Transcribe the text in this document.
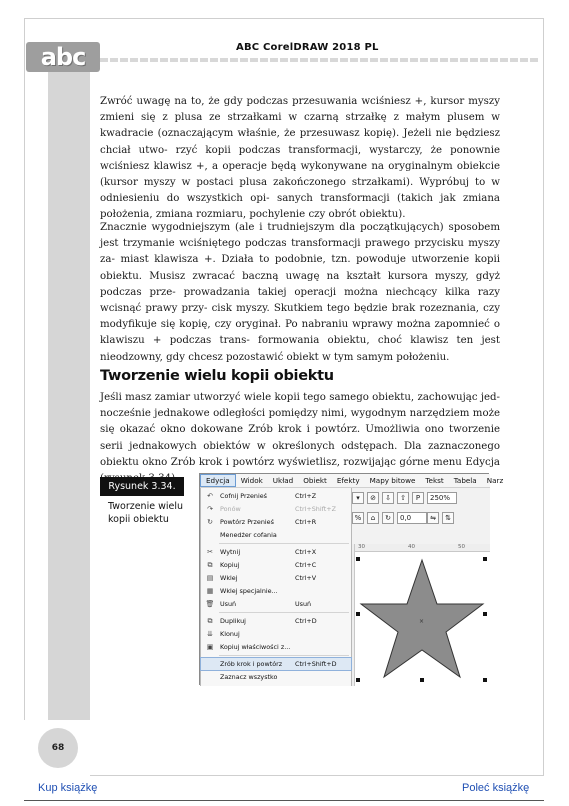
abc	ABC CorelDRAW 2018 PL
Zwróć uwagę na to, że gdy podczas przesuwania wciśniesz +, kursor myszy zmieni się z plusa ze strzałkami w czarną strzałkę z małym plusem w kwadracie (oznaczającym właśnie, że przesuwasz kopię). Jeżeli nie będziesz chciał utwo- rzyć kopii podczas transformacji, wystarczy, że ponownie wciśniesz klawisz +, a operacje będą wykonywane na oryginalnym obiekcie (kursor myszy w postaci plusa zakończonego strzałkami). Wypróbuj to w odniesieniu do wszystkich opi- sanych transformacji (takich jak zmiana położenia, zmiana rozmiaru, pochylenie czy obrót obiektu).
Znacznie wygodniejszym (ale i trudniejszym dla początkujących) sposobem jest trzymanie wciśniętego podczas transformacji prawego przycisku myszy za- miast klawisza +. Działa to podobnie, tzn. powoduje utworzenie kopii obiektu. Musisz zwracać baczną uwagę na kształt kursora myszy, gdyż podczas prze- prowadzania takiej operacji można niechcący kilka razy wcisnąć prawy przy- cisk myszy. Skutkiem tego będzie brak rozeznania, czy modyfikuje się kopię, czy oryginał. Po nabraniu wprawy można zapomnieć o klawiszu + podczas trans- formowania obiektu, choć klawisz ten jest nieodzowny, gdy chcesz pozostawić obiekt w tym samym położeniu.
Tworzenie wielu kopii obiektu
Jeśli masz zamiar utworzyć wiele kopii tego samego obiektu, zachowując jed- nocześnie jednakowe odległości pomiędzy nimi, wygodnym narzędziem może się okazać okno dokowane Zrób krok i powtórz. Umożliwia ono tworzenie serii jednakowych obiektów w określonych odstępach. Dla zaznaczonego obiektu okno Zrób krok i powtórz wyświetlisz, rozwijając górne menu Edycja
Rysunek 3.34.
Tworzenie wielu
kopii obiektu
Edycja	Widok	Układ	Obiekt	Efekty	Mapy bitowe	Tekst	Tabela	Narz
▾	⊘	⇩	⇧	P	250%
%	⌂	↻	0,0	⇋	⇅
30	40	50
×
↶	Cofnij Przenieś	Ctrl+Z
↷	Ponów	Ctrl+Shift+Z
↻	Powtórz Przenieś	Ctrl+R
Menedżer cofania
✂	Wytnij	Ctrl+X
⧉	Kopiuj	Ctrl+C
▤	Wklej	Ctrl+V
▦	Wklej specjalnie...
🗑 Usuń	Usuń
⧉	Duplikuj	Ctrl+D
⇊	Klonuj
▣	Kopiuj właściwości z...
Zrób krok i powtórz	Ctrl+Shift+D
Zaznacz wszystko
68
Kup książkę	Poleć książkę
